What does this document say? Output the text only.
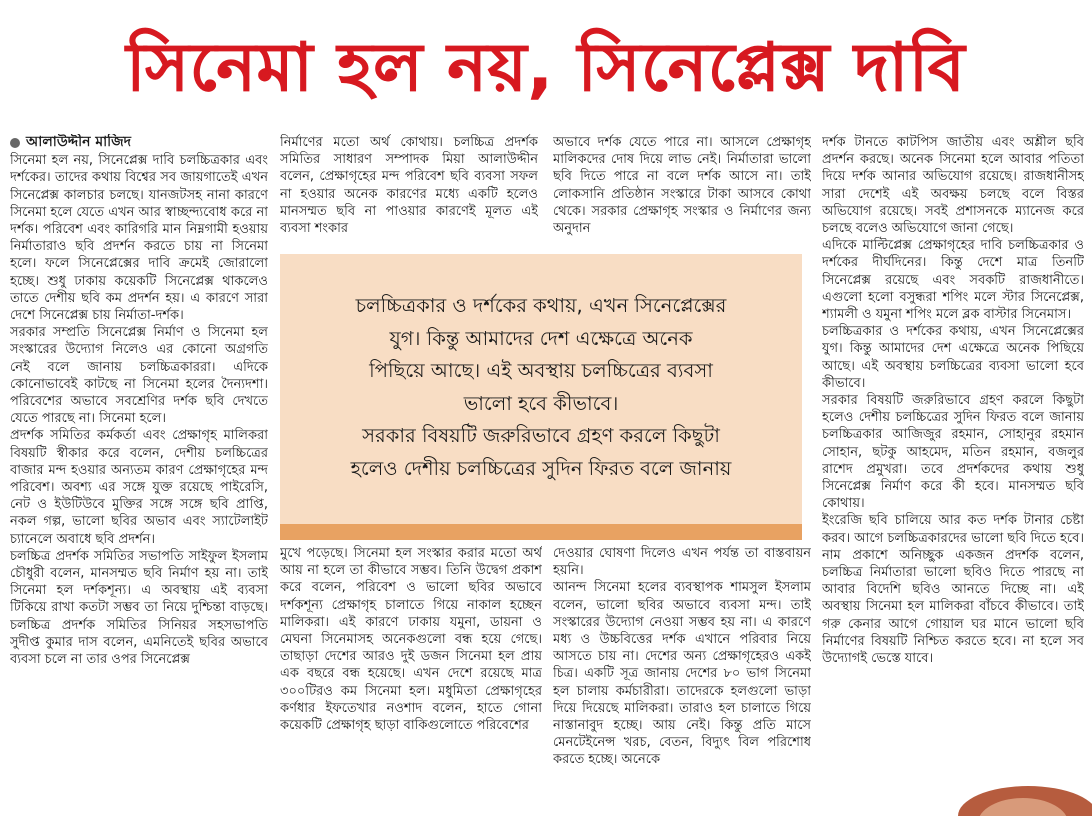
সিনেমা হল নয়, সিনেপ্লেক্স দাবি
আলাউদ্দীন মাজিদ

সিনেমা হল নয়, সিনেপ্লেক্স দাবি চলচ্চিত্রকার এবং দর্শকের। তাদের কথায় বিশ্বের সব জায়গাতেই এখন সিনেপ্লেক্স কালচার চলছে। যানজটসহ নানা কারণে সিনেমা হলে যেতে এখন আর স্বাচ্ছন্দ্যবোধ করে না দর্শক। পরিবেশ এবং কারিগরি মান নিম্নগামী হওয়ায় নির্মাতারাও ছবি প্রদর্শন করতে চায় না সিনেমা হলে। ফলে সিনেপ্লেক্সের দাবি ক্রমেই জোরালো হচ্ছে। শুধু ঢাকায় কয়েকটি সিনেপ্লেক্স থাকলেও তাতে দেশীয় ছবি কম প্রদর্শন হয়। এ কারণে সারা দেশে সিনেপ্লেক্স চায় নির্মাতা-দর্শক।

সরকার সম্প্রতি সিনেপ্লেক্স নির্মাণ ও সিনেমা হল সংস্কারের উদ্যোগ নিলেও এর কোনো অগ্রগতি নেই বলে জানায় চলচ্চিত্রকাররা। এদিকে কোনোভাবেই কাটছে না সিনেমা হলের দৈন্যদশা। পরিবেশের অভাবে সবশ্রেণির দর্শক ছবি দেখতে যেতে পারছে না। সিনেমা হলে।

প্রদর্শক সমিতির কর্মকর্তা এবং প্রেক্ষাগৃহ মালিকরা বিষয়টি স্বীকার করে বলেন, দেশীয় চলচ্চিত্রের বাজার মন্দ হওয়ার অন্যতম কারণ প্রেক্ষাগৃহের মন্দ পরিবেশ। অবশ্য এর সঙ্গে যুক্ত রয়েছে পাইরেসি, নেট ও ইউটিউবে মুক্তির সঙ্গে সঙ্গে ছবি প্রাপ্তি, নকল গল্প, ভালো ছবির অভাব এবং স্যাটেলাইট চ্যানেলে অবাধে ছবি প্রদর্শন।

চলচ্চিত্র প্রদর্শক সমিতির সভাপতি সাইফুল ইসলাম চৌধুরী বলেন, মানসম্মত ছবি নির্মাণ হয় না। তাই সিনেমা হল দর্শকশূন্য। এ অবস্থায় এই ব্যবসা টিকিয়ে রাখা কতটা সম্ভব তা নিয়ে দুশ্চিন্তা বাড়ছে। চলচ্চিত্র প্রদর্শক সমিতির সিনিয়র সহসভাপতি সুদীপ্ত কুমার দাস বলেন, এমনিতেই ছবির অভাবে ব্যবসা চলে না তার ওপর সিনেপ্লেক্স

নির্মাণের মতো অর্থ কোথায়। চলচ্চিত্র প্রদর্শক সমিতির সাধারণ সম্পাদক মিয়া আলাউদ্দীন বলেন, প্রেক্ষাগৃহের মন্দ পরিবেশ ছবি ব্যবসা সফল না হওয়ার অনেক কারণের মধ্যে একটি হলেও মানসম্মত ছবি না পাওয়ার কারণেই মূলত এই ব্যবসা শংকার

অভাবে দর্শক যেতে পারে না। আসলে প্রেক্ষাগৃহ মালিকদের দোষ দিয়ে লাভ নেই। নির্মাতারা ভালো ছবি দিতে পারে না বলে দর্শক আসে না। তাই লোকসানি প্রতিষ্ঠান সংস্কারে টাকা আসবে কোথা থেকে। সরকার প্রেক্ষাগৃহ সংস্কার ও নির্মাণের জন্য অনুদান

চলচ্চিত্রকার ও দর্শকের কথায়, এখন সিনেপ্লেক্সের
যুগ। কিন্তু আমাদের দেশ এক্ষেত্রে অনেক
পিছিয়ে আছে। এই অবস্থায় চলচ্চিত্রের ব্যবসা
ভালো হবে কীভাবে।
সরকার বিষয়টি জরুরিভাবে গ্রহণ করলে কিছুটা
হলেও দেশীয় চলচ্চিত্রের সুদিন ফিরত বলে জানায়

মুখে পড়েছে। সিনেমা হল সংস্কার করার মতো অর্থ আয় না হলে তা কীভাবে সম্ভব। তিনি উদ্বেগ প্রকাশ করে বলেন, পরিবেশ ও ভালো ছবির অভাবে দর্শকশূন্য প্রেক্ষাগৃহ চালাতে গিয়ে নাকাল হচ্ছেন মালিকরা। এই কারণে ঢাকায় যমুনা, ডায়না ও মেঘনা সিনেমাসহ অনেকগুলো বন্ধ হয়ে গেছে। তাছাড়া দেশের আরও দুই ডজন সিনেমা হল প্রায় এক বছরে বন্ধ হয়েছে। এখন দেশে রয়েছে মাত্র ৩০০টিরও কম সিনেমা হল। মধুমিতা প্রেক্ষাগৃহের কর্ণধার ইফতেখার নওশাদ বলেন, হাতে গোনা কয়েকটি প্রেক্ষাগৃহ ছাড়া বাকিগুলোতে পরিবেশের

দেওয়ার ঘোষণা দিলেও এখন পর্যন্ত তা বাস্তবায়ন হয়নি।

আনন্দ সিনেমা হলের ব্যবস্থাপক শামসুল ইসলাম বলেন, ভালো ছবির অভাবে ব্যবসা মন্দ। তাই সংস্কারের উদ্যোগ নেওয়া সম্ভব হয় না। এ কারণে মধ্য ও উচ্চবিত্তের দর্শক এখানে পরিবার নিয়ে আসতে চায় না। দেশের অন্য প্রেক্ষাগৃহেরও একই চিত্র। একটি সূত্র জানায় দেশের ৮০ ভাগ সিনেমা হল চালায় কর্মচারীরা। তাদেরকে হলগুলো ভাড়া দিয়ে দিয়েছে মালিকরা। তারাও হল চালাতে গিয়ে নাস্তানাবুদ হচ্ছে। আয় নেই। কিন্তু প্রতি মাসে মেনটেইনেন্স খরচ, বেতন, বিদ্যুৎ বিল পরিশোধ করতে হচ্ছে। অনেকে

দর্শক টানতে কাটপিস জাতীয় এবং অশ্লীল ছবি প্রদর্শন করছে। অনেক সিনেমা হলে আবার পতিতা দিয়ে দর্শক আনার অভিযোগ রয়েছে। রাজধানীসহ সারা দেশেই এই অবক্ষয় চলছে বলে বিস্তর অভিযোগ রয়েছে। সবই প্রশাসনকে ম্যানেজ করে চলছে বলেও অভিযোগে জানা গেছে।

এদিকে মাল্টিপ্লেক্স প্রেক্ষাগৃহের দাবি চলচ্চিত্রকার ও দর্শকের দীর্ঘদিনের। কিন্তু দেশে মাত্র তিনটি সিনেপ্লেক্স রয়েছে এবং সবকটি রাজধানীতে। এগুলো হলো বসুন্ধরা শপিং মলে স্টার সিনেপ্লেক্স, শ্যামলী ও যমুনা শপিং মলে ব্লক বাস্টার সিনেমাস।

চলচ্চিত্রকার ও দর্শকের কথায়, এখন সিনেপ্লেক্সের যুগ। কিন্তু আমাদের দেশ এক্ষেত্রে অনেক পিছিয়ে আছে। এই অবস্থায় চলচ্চিত্রের ব্যবসা ভালো হবে কীভাবে।

সরকার বিষয়টি জরুরিভাবে গ্রহণ করলে কিছুটা হলেও দেশীয় চলচ্চিত্রের সুদিন ফিরত বলে জানায় চলচ্চিত্রকার আজিজুর রহমান, সোহানুর রহমান সোহান, ছটকু আহমেদ, মতিন রহমান, বজলুর রাশেদ প্রমুখরা। তবে প্রদর্শকদের কথায় শুধু সিনেপ্লেক্স নির্মাণ করে কী হবে। মানসম্মত ছবি কোথায়।

ইংরেজি ছবি চালিয়ে আর কত দর্শক টানার চেষ্টা করব। আগে চলচ্চিত্রকারদের ভালো ছবি দিতে হবে। নাম প্রকাশে অনিচ্ছুক একজন প্রদর্শক বলেন, চলচ্চিত্র নির্মাতারা ভালো ছবিও দিতে পারছে না আবার বিদেশি ছবিও আনতে দিচ্ছে না। এই অবস্থায় সিনেমা হল মালিকরা বাঁচবে কীভাবে। তাই গরু কেনার আগে গোয়াল ঘর মানে ভালো ছবি নির্মাণের বিষয়টি নিশ্চিত করতে হবে। না হলে সব উদ্যোগই ভেস্তে যাবে।
